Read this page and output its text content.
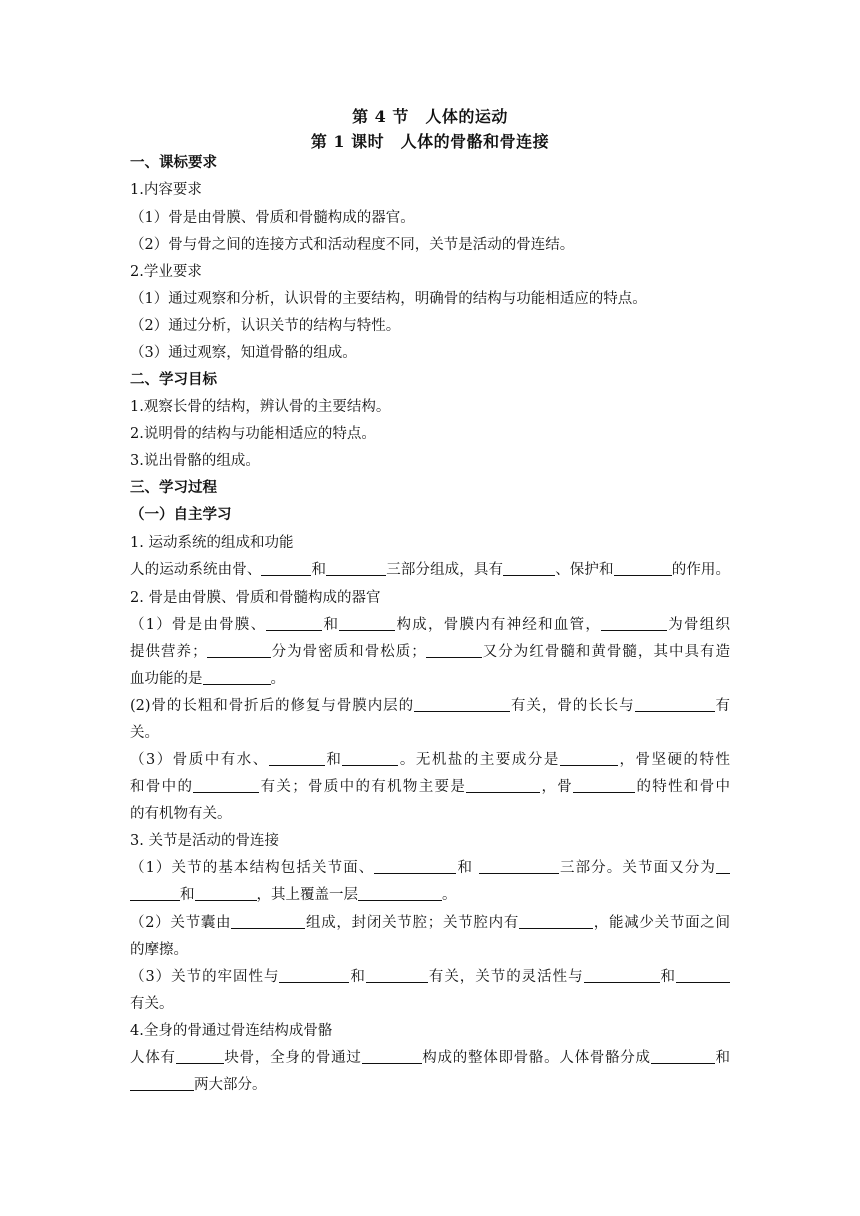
第 4 节　人体的运动
第 1 课时　人体的骨骼和骨连接
一、课标要求
1.内容要求
（1）骨是由骨膜、骨质和骨髓构成的器官。
（2）骨与骨之间的连接方式和活动程度不同，关节是活动的骨连结。
2.学业要求
（1）通过观察和分析，认识骨的主要结构，明确骨的结构与功能相适应的特点。
（2）通过分析，认识关节的结构与特性。
（3）通过观察，知道骨骼的组成。
二、学习目标
1.观察长骨的结构，辨认骨的主要结构。
2.说明骨的结构与功能相适应的特点。
3.说出骨骼的组成。
三、学习过程
（一）自主学习
1. 运动系统的组成和功能
人的运动系统由骨、	和	三部分组成，具有	、保护和	的作用。
2. 骨是由骨膜、骨质和骨髓构成的器官
（1）骨是由骨膜、	和	构成，骨膜内有神经和血管，	为骨组织
提供营养；	分为骨密质和骨松质；	又分为红骨髓和黄骨髓，其中具有造
血功能的是	。
(2)骨的长粗和骨折后的修复与骨膜内层的	有关，骨的长长与	有
关。
（3）骨质中有水、	和	。无机盐的主要成分是	，骨坚硬的特性
和骨中的	有关；骨质中的有机物主要是	，骨	的特性和骨中
的有机物有关。
3. 关节是活动的骨连接
（1）关节的基本结构包括关节面、	和	三部分。关节面又分为
和	，其上覆盖一层	。
（2）关节囊由	组成，封闭关节腔；关节腔内有	，能减少关节面之间
的摩擦。
（3）关节的牢固性与	和	有关，关节的灵活性与	和
有关。
4.全身的骨通过骨连结构成骨骼
人体有	块骨，全身的骨通过	构成的整体即骨骼。人体骨骼分成	和
两大部分。
